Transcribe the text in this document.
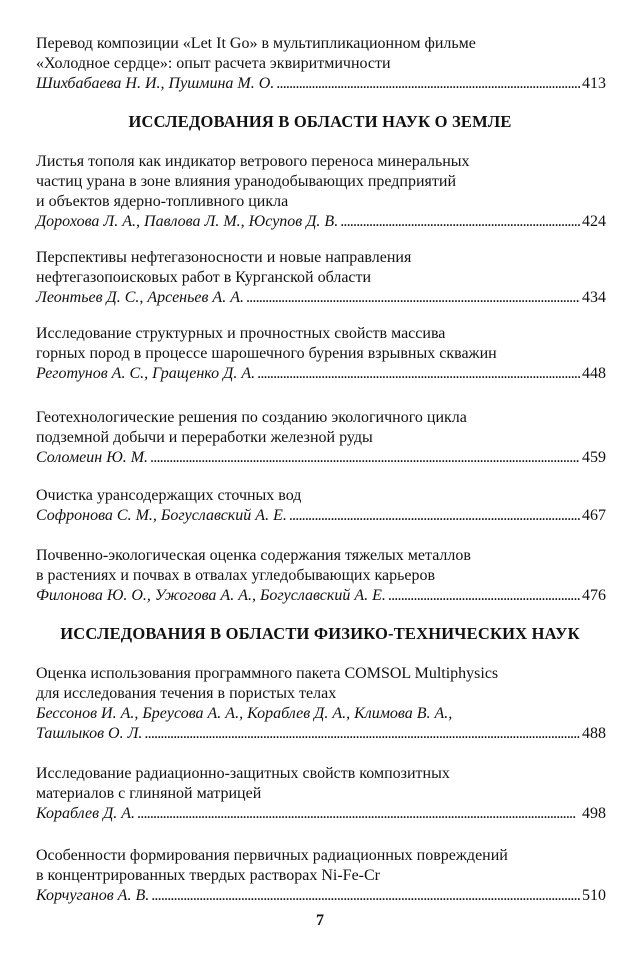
Перевод композиции «Let It Go» в мультипликационном фильме
«Холодное сердце»: опыт расчета эквиритмичности
Шихбабаева Н. И., Пушмина М. О. . . .	413
ИССЛЕДОВАНИЯ В ОБЛАСТИ НАУК О ЗЕМЛЕ
Листья тополя как индикатор ветрового переноса минеральных
частиц урана в зоне влияния уранодобывающих предприятий
и объектов ядерно-топливного цикла
Дорохова Л. А., Павлова Л. М., Юсупов Д. В. . . .	424
Перспективы нефтегазоносности и новые направления
нефтегазопоисковых работ в Курганской области
Леонтьев Д. С., Арсеньев А. А. . . .	434
Исследование структурных и прочностных свойств массива
горных пород в процессе шарошечного бурения взрывных скважин
Реготунов А. С., Гращенко Д. А. . . .	448
Геотехнологические решения по созданию экологичного цикла
подземной добычи и переработки железной руды
Соломеин Ю. М. . . .	459
Очистка урансодержащих сточных вод
Софронова С. М., Богуславский А. Е. . . .	467
Почвенно-экологическая оценка содержания тяжелых металлов
в растениях и почвах в отвалах угледобывающих карьеров
Филонова Ю. О., Ужогова А. А., Богуславский А. Е. . . .	476
ИССЛЕДОВАНИЯ В ОБЛАСТИ ФИЗИКО-ТЕХНИЧЕСКИХ НАУК
Оценка использования программного пакета COMSOL Multiphysics
для исследования течения в пористых телах
Бессонов И. А., Бреусова А. А., Кораблев Д. А., Климова В. А.,
Ташлыков О. Л. . . .	488
Исследование радиационно-защитных свойств композитных
материалов с глиняной матрицей
Кораблев Д. А. . . .	498
Особенности формирования первичных радиационных повреждений
в концентрированных твердых растворах Ni-Fe-Cr
Корчуганов А. В. . . .	510
7
